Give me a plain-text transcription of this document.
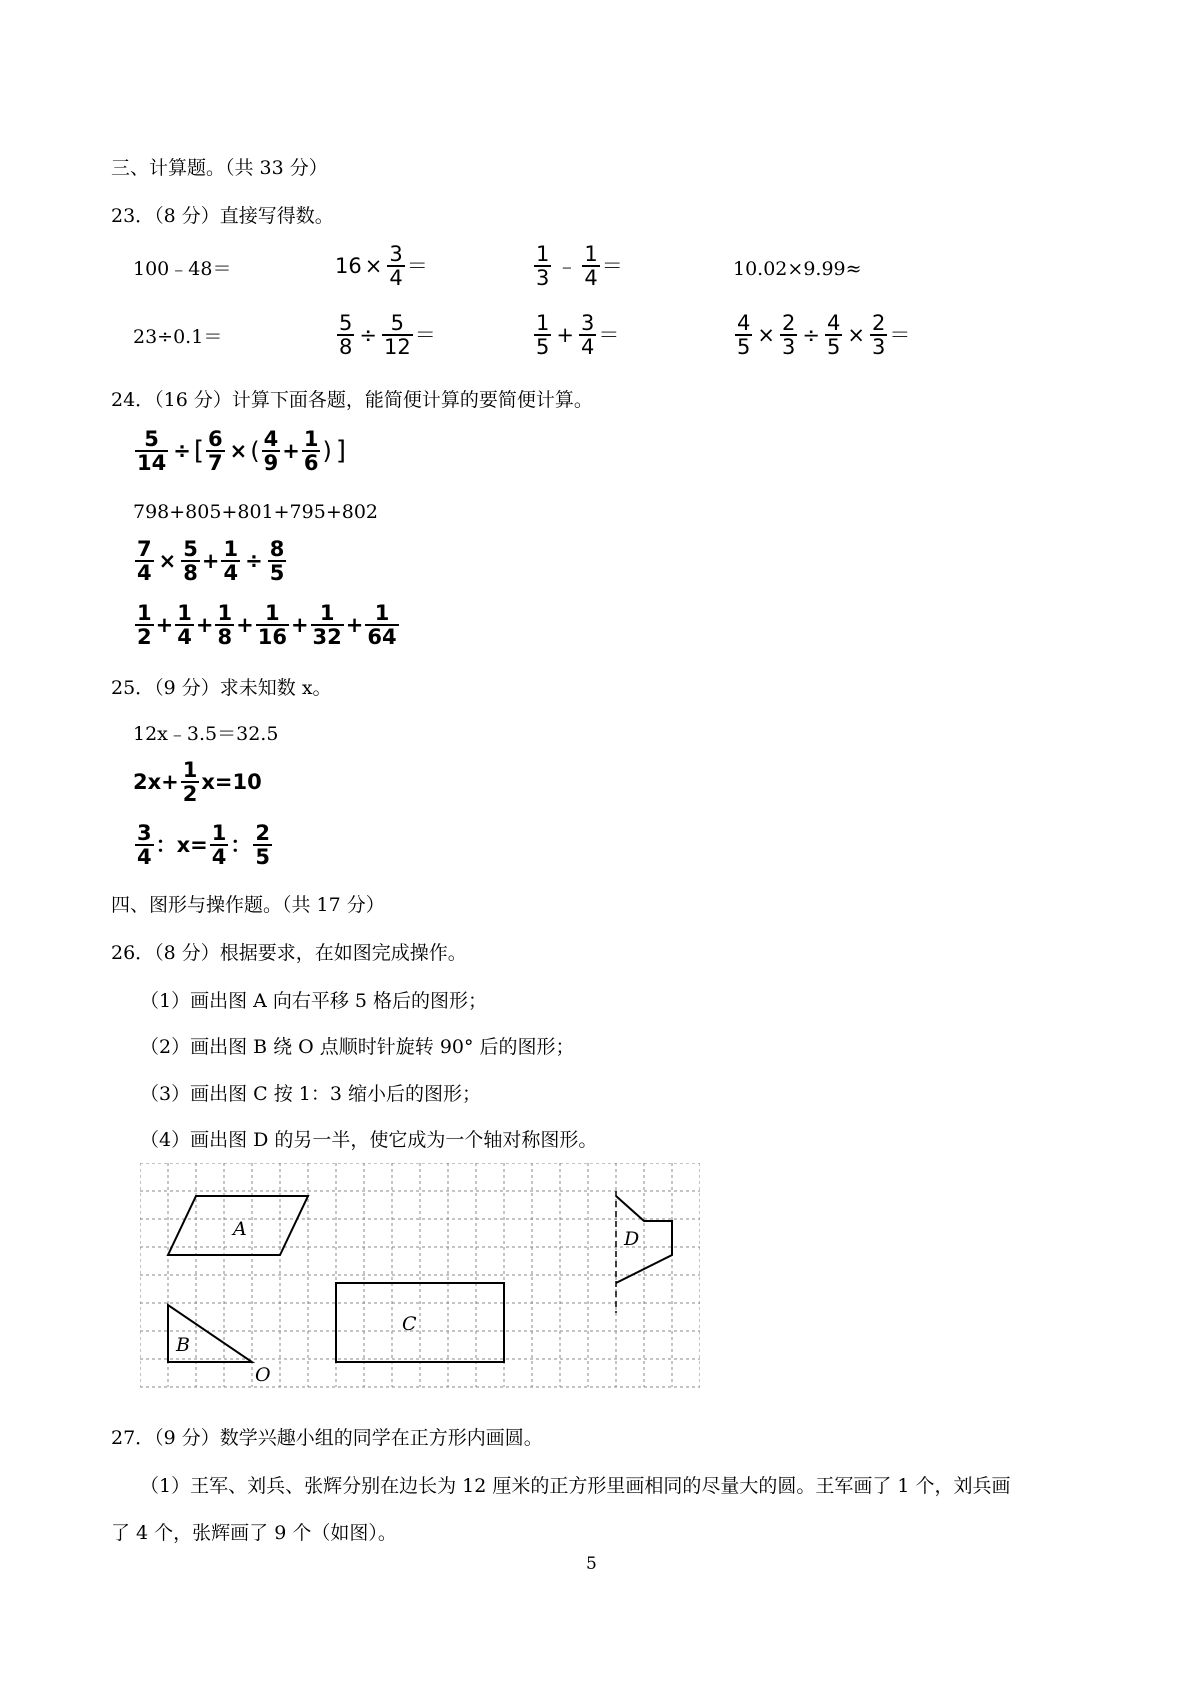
三、计算题。（共 33 分）
23．（8 分）直接写得数。
100﹣48＝	$16 \times \frac{3}{4}$ ＝	$\frac{1}{3}$ ﹣ $\frac{1}{4}$ ＝	10.02×9.99≈
23÷0.1＝	$\frac{5}{8} \div \frac{5}{12}$ ＝	$\frac{1}{5} + \frac{3}{4}$ ＝	$\frac{4}{5} \times \frac{2}{3} \div \frac{4}{5} \times \frac{2}{3}$ ＝
24．（16 分）计算下面各题，能简便计算的要简便计算。
$\frac{5}{14}$ ÷ [ $\frac{6}{7}$ × ( $\frac{4}{9} + \frac{1}{6}$ ) ]
798+805+801+795+802
$\frac{7}{4} \times \frac{5}{8} + \frac{1}{4} \div \frac{8}{5}$
$\frac{1}{2} + \frac{1}{4} + \frac{1}{8} + \frac{1}{16} + \frac{1}{32} + \frac{1}{64}$
25．（9 分）求未知数 x。
12x﹣3.5＝32.5
$2x+ \frac{1}{2} x=10$
$\frac{3}{4}$ ： $x= \frac{1}{4}$ ： $\frac{2}{5}$
四、图形与操作题。（共 17 分）
26．（8 分）根据要求，在如图完成操作。
（1）画出图 A 向右平移 5 格后的图形；
（2）画出图 B 绕 O 点顺时针旋转 90° 后的图形；
（3）画出图 C 按 1：3 缩小后的图形；
（4）画出图 D 的另一半，使它成为一个轴对称图形。
A
B
C
D
O
27．（9 分）数学兴趣小组的同学在正方形内画圆。
（1）王军、刘兵、张辉分别在边长为 12 厘米的正方形里画相同的尽量大的圆。王军画了 1 个，刘兵画
了 4 个，张辉画了 9 个（如图）。
5
